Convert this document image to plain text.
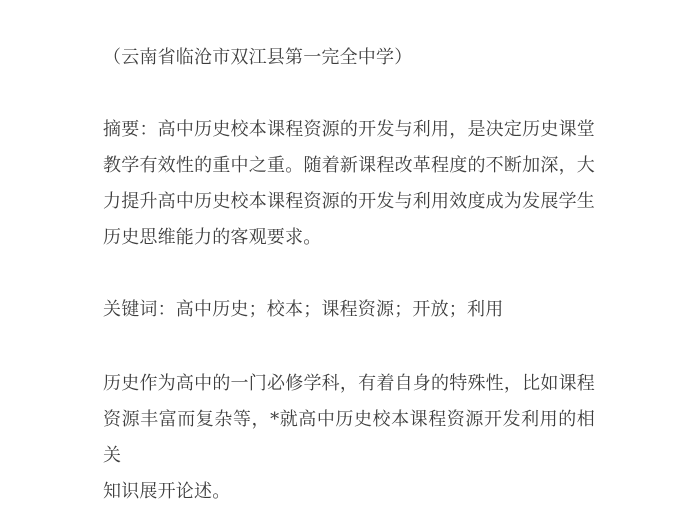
（云南省临沧市双江县第一完全中学）

摘要：高中历史校本课程资源的开发与利用，是决定历史课堂

教学有效性的重中之重。随着新课程改革程度的不断加深，大

力提升高中历史校本课程资源的开发与利用效度成为发展学生

历史思维能力的客观要求。

关键词：高中历史；校本；课程资源；开放；利用

历史作为高中的一门必修学科，有着自身的特殊性，比如课程

资源丰富而复杂等，*就高中历史校本课程资源开发利用的相关

知识展开论述。
